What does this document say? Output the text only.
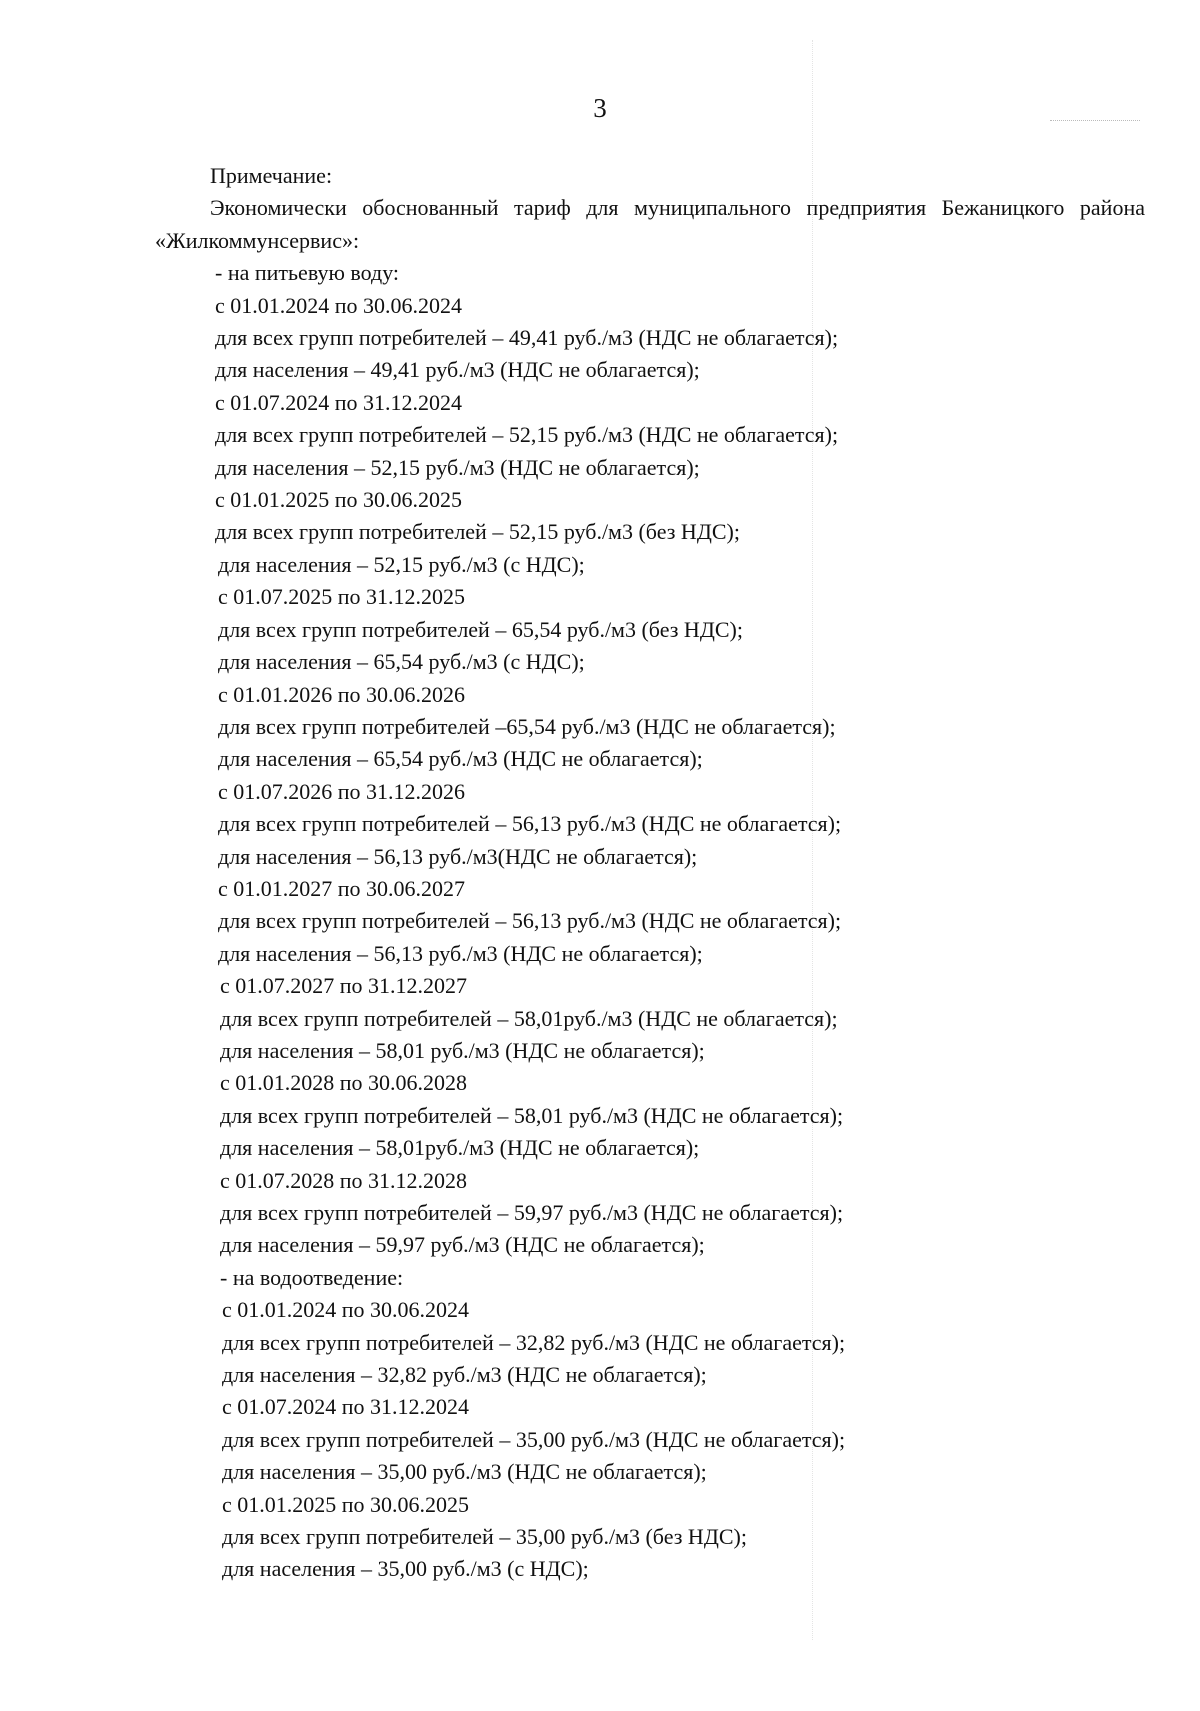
3
Примечание:
Экономически обоснованный тариф для муниципального предприятия Бежаницкого района «Жилкоммунсервис»:
- на питьевую воду:
с 01.01.2024 по 30.06.2024
для всех групп потребителей – 49,41 руб./м3 (НДС не облагается);
для населения – 49,41 руб./м3 (НДС не облагается);
с 01.07.2024 по 31.12.2024
для всех групп потребителей – 52,15 руб./м3 (НДС не облагается);
для населения – 52,15 руб./м3 (НДС не облагается);
с 01.01.2025 по 30.06.2025
для всех групп потребителей – 52,15 руб./м3 (без НДС);
для населения – 52,15 руб./м3 (с НДС);
с 01.07.2025 по 31.12.2025
для всех групп потребителей – 65,54 руб./м3 (без НДС);
для населения – 65,54 руб./м3 (с НДС);
с 01.01.2026 по 30.06.2026
для всех групп потребителей –65,54 руб./м3 (НДС не облагается);
для населения – 65,54 руб./м3 (НДС не облагается);
с 01.07.2026 по 31.12.2026
для всех групп потребителей – 56,13 руб./м3 (НДС не облагается);
для населения – 56,13 руб./м3(НДС не облагается);
с 01.01.2027 по 30.06.2027
для всех групп потребителей – 56,13 руб./м3 (НДС не облагается);
для населения – 56,13 руб./м3 (НДС не облагается);
с 01.07.2027 по 31.12.2027
для всех групп потребителей – 58,01руб./м3 (НДС не облагается);
для населения – 58,01 руб./м3 (НДС не облагается);
с 01.01.2028 по 30.06.2028
для всех групп потребителей – 58,01 руб./м3 (НДС не облагается);
для населения – 58,01руб./м3 (НДС не облагается);
с 01.07.2028 по 31.12.2028
для всех групп потребителей – 59,97 руб./м3 (НДС не облагается);
для населения – 59,97 руб./м3 (НДС не облагается);
- на водоотведение:
с 01.01.2024 по 30.06.2024
для всех групп потребителей – 32,82 руб./м3 (НДС не облагается);
для населения – 32,82 руб./м3 (НДС не облагается);
с 01.07.2024 по 31.12.2024
для всех групп потребителей – 35,00 руб./м3 (НДС не облагается);
для населения – 35,00 руб./м3 (НДС не облагается);
с 01.01.2025 по 30.06.2025
для всех групп потребителей – 35,00 руб./м3 (без НДС);
для населения – 35,00 руб./м3 (с НДС);
